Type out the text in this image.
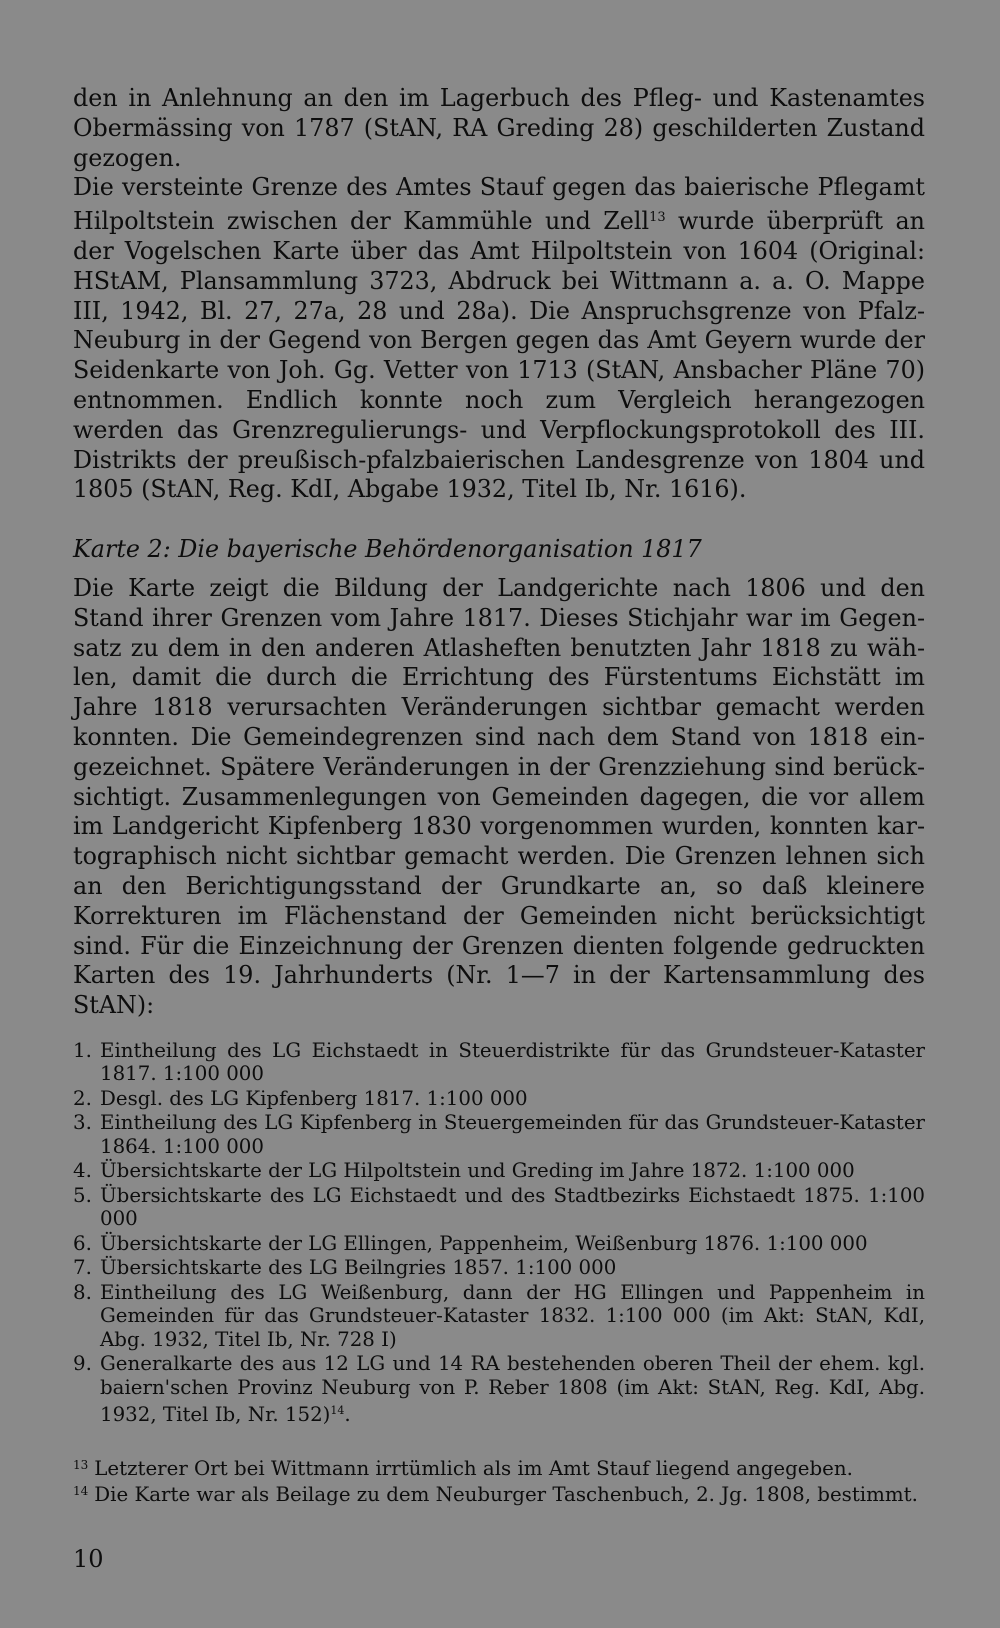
den in Anlehnung an den im Lagerbuch des Pfleg- und Kastenamtes Obermässing von 1787 (StAN, RA Greding 28) geschilderten Zustand gezogen.

Die versteinte Grenze des Amtes Stauf gegen das baierische Pflegamt Hilpoltstein zwischen der Kammühle und Zell$^{13}$ wurde überprüft an der Vogelschen Karte über das Amt Hilpoltstein von 1604 (Original: HStAM, Plansammlung 3723, Abdruck bei Wittmann a. a. O. Mappe III, 1942, Bl. 27, 27a, 28 und 28a). Die Anspruchsgrenze von Pfalz-Neuburg in der Gegend von Bergen gegen das Amt Geyern wurde der Seidenkarte von Joh. Gg. Vetter von 1713 (StAN, Ansbacher Pläne 70) entnommen. Endlich konnte noch zum Vergleich herangezogen werden das Grenzregulierungs- und Verpflockungsprotokoll des III. Distrikts der preußisch-pfalzbaierischen Landesgrenze von 1804 und 1805 (StAN, Reg. KdI, Abgabe 1932, Titel Ib, Nr. 1616).

Karte 2: Die bayerische Behördenorganisation 1817

Die Karte zeigt die Bildung der Landgerichte nach 1806 und den Stand ihrer Grenzen vom Jahre 1817. Dieses Stichjahr war im Gegensatz zu dem in den anderen Atlasheften benutzten Jahr 1818 zu wählen, damit die durch die Errichtung des Fürstentums Eichstätt im Jahre 1818 verursachten Veränderungen sichtbar gemacht werden konnten. Die Gemeindegrenzen sind nach dem Stand von 1818 eingezeichnet. Spätere Veränderungen in der Grenzziehung sind berücksichtigt. Zusammenlegungen von Gemeinden dagegen, die vor allem im Landgericht Kipfenberg 1830 vorgenommen wurden, konnten kartographisch nicht sichtbar gemacht werden. Die Grenzen lehnen sich an den Berichtigungsstand der Grundkarte an, so daß kleinere Korrekturen im Flächenstand der Gemeinden nicht berücksichtigt sind. Für die Einzeichnung der Grenzen dienten folgende gedruckten Karten des 19. Jahrhunderts (Nr. 1—7 in der Kartensammlung des StAN):

1. Eintheilung des LG Eichstaedt in Steuerdistrikte für das Grundsteuer-Kataster 1817. 1:100 000
2. Desgl. des LG Kipfenberg 1817. 1:100 000
3. Eintheilung des LG Kipfenberg in Steuergemeinden für das Grundsteuer-Kataster 1864. 1:100 000
4. Übersichtskarte der LG Hilpoltstein und Greding im Jahre 1872. 1:100 000
5. Übersichtskarte des LG Eichstaedt und des Stadtbezirks Eichstaedt 1875. 1:100 000
6. Übersichtskarte der LG Ellingen, Pappenheim, Weißenburg 1876. 1:100 000
7. Übersichtskarte des LG Beilngries 1857. 1:100 000
8. Eintheilung des LG Weißenburg, dann der HG Ellingen und Pappenheim in Gemeinden für das Grundsteuer-Kataster 1832. 1:100 000 (im Akt: StAN, KdI, Abg. 1932, Titel Ib, Nr. 728 I)
9. Generalkarte des aus 12 LG und 14 RA bestehenden oberen Theil der ehem. kgl. baiern'schen Provinz Neuburg von P. Reber 1808 (im Akt: StAN, Reg. KdI, Abg. 1932, Titel Ib, Nr. 152)$^{14}$.

$^{13}$ Letzterer Ort bei Wittmann irrtümlich als im Amt Stauf liegend angegeben.

$^{14}$ Die Karte war als Beilage zu dem Neuburger Taschenbuch, 2. Jg. 1808, bestimmt.

10
